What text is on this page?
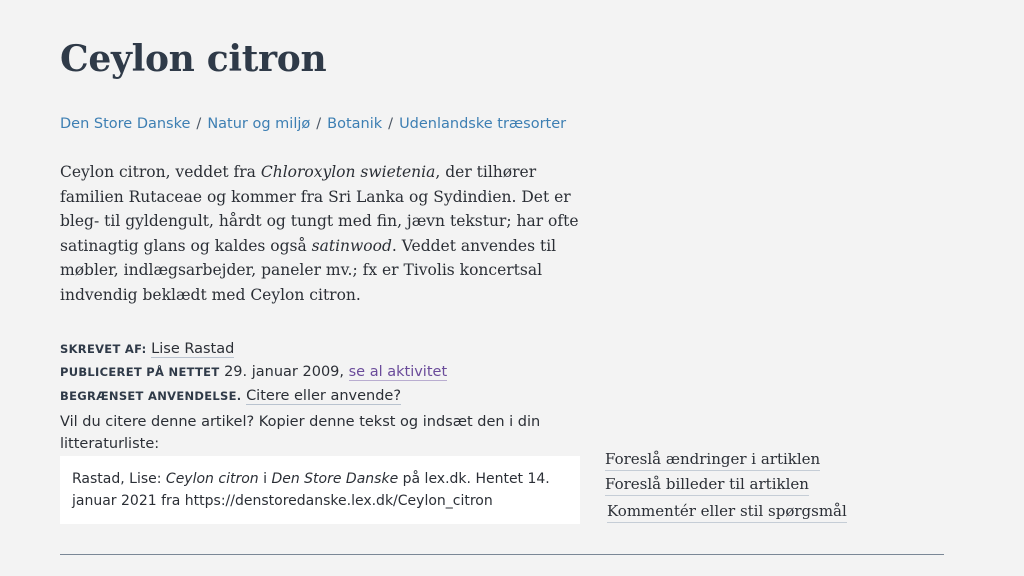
Ceylon citron
Den Store Danske / Natur og miljø / Botanik / Udenlandske træsorter

Ceylon citron, veddet fra Chloroxylon swietenia, der tilhører familien Rutaceae og kommer fra Sri Lanka og Sydindien. Det er bleg- til gyldengult, hårdt og tungt med fin, jævn tekstur; har ofte satinagtig glans og kaldes også satinwood. Veddet anvendes til møbler, indlægsarbejder, paneler mv.; fx er Tivolis koncertsal indvendig beklædt med Ceylon citron.

SKREVET AF: Lise Rastad
PUBLICERET PÅ NETTET 29. januar 2009, se al aktivitet
BEGRÆNSET ANVENDELSE. Citere eller anvende?
Vil du citere denne artikel? Kopier denne tekst og indsæt den i din litteraturliste:
Rastad, Lise: Ceylon citron i Den Store Danske på lex.dk. Hentet 14. januar 2021 fra https://denstoredanske.lex.dk/Ceylon_citron
Foreslå ændringer i artiklen
Foreslå billeder til artiklen
Kommentér eller stil spørgsmål
